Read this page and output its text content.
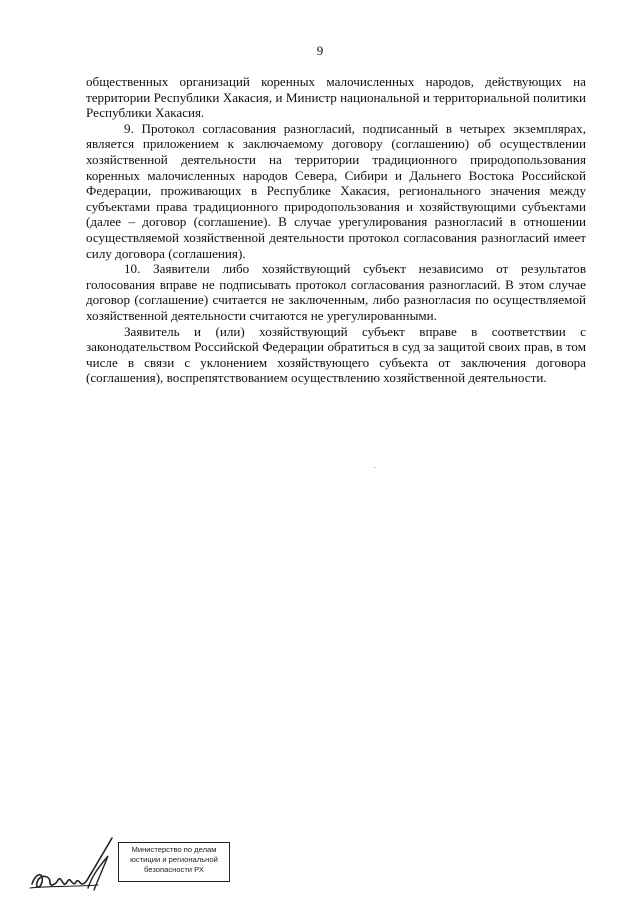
9

общественных организаций коренных малочисленных народов, действующих на территории Республики Хакасия, и Министр национальной и территориальной политики Республики Хакасия.

9. Протокол согласования разногласий, подписанный в четырех экземплярах, является приложением к заключаемому договору (соглашению) об осуществлении хозяйственной деятельности на территории традиционного природопользования коренных малочисленных народов Севера, Сибири и Дальнего Востока Российской Федерации, проживающих в Республике Хакасия, регионального значения между субъектами права традиционного природопользования и хозяйствующими субъектами (далее – договор (соглашение). В случае урегулирования разногласий в отношении осуществляемой хозяйственной деятельности протокол согласования разногласий имеет силу договора (соглашения).

10. Заявители либо хозяйствующий субъект независимо от результатов голосования вправе не подписывать протокол согласования разногласий. В этом случае договор (соглашение) считается не заключенным, либо разногласия по осуществляемой хозяйственной деятельности считаются не урегулированными.

Заявитель и (или) хозяйствующий субъект вправе в соответствии с законодательством Российской Федерации обратиться в суд за защитой своих прав, в том числе в связи с уклонением хозяйствующего субъекта от заключения договора (соглашения), воспрепятствованием осуществлению хозяйственной деятельности.

Министерство по делам
юстиции и региональной
безопасности РХ
